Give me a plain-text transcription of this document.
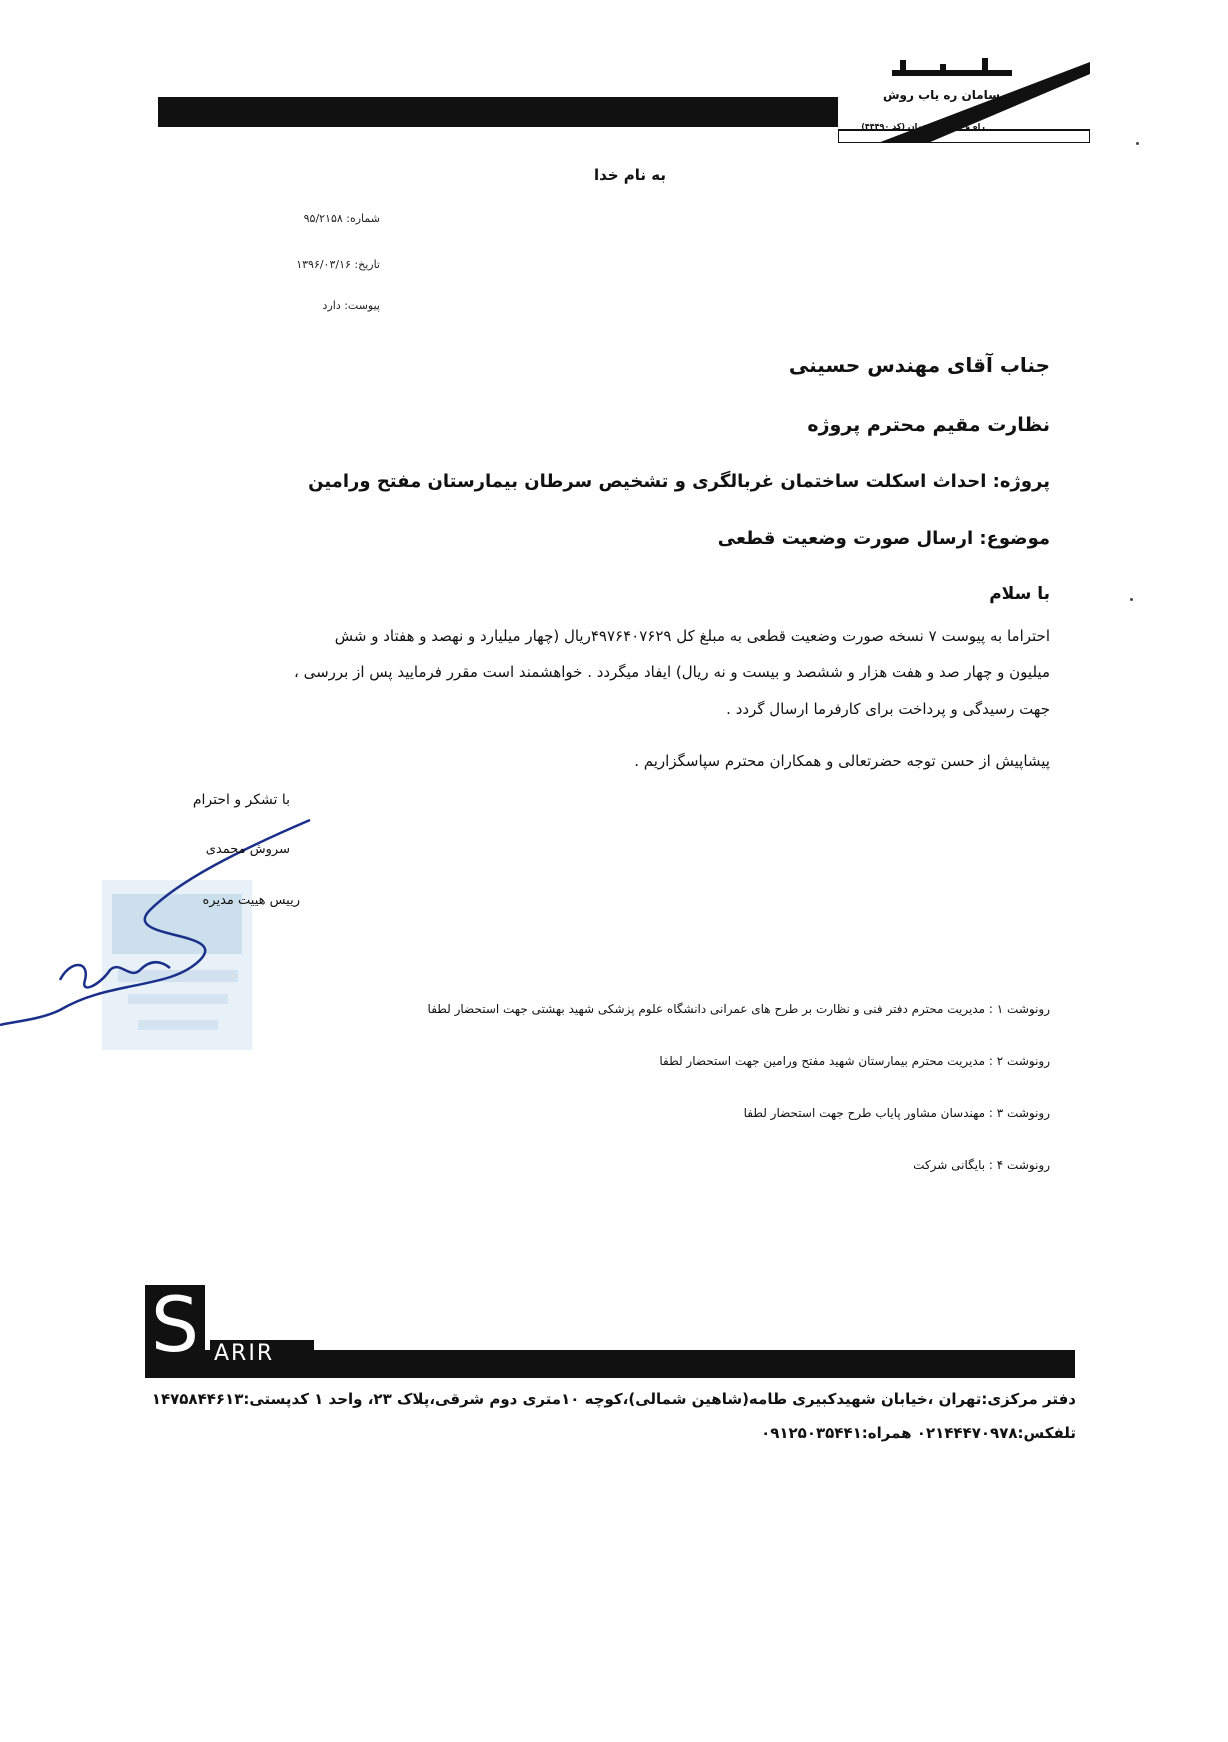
سامان ره یاب روش
راه و باند، ساختمان (کد ۴۴۴۹۰)
به نام خدا
شماره: ۹۵/۲۱۵۸
تاریخ: ۱۳۹۶/۰۳/۱۶
پیوست: دارد
جناب آقای مهندس حسینی
نظارت مقیم محترم پروژه
پروژه: احداث اسکلت ساختمان غربالگری و تشخیص سرطان بیمارستان مفتح ورامین
موضوع: ارسال صورت وضعیت قطعی
با سلام
احتراما به پیوست ۷ نسخه صورت وضعیت قطعی به مبلغ کل ۴۹۷۶۴۰۷۶۲۹ریال (چهار میلیارد و نهصد و هفتاد و شش
میلیون و چهار صد و هفت هزار و ششصد و بیست و نه ریال) ایفاد میگردد . خواهشمند است مقرر فرمایید پس از بررسی ،
جهت رسیدگی و پرداخت برای کارفرما ارسال گردد .
پیشاپیش از حسن توجه حضرتعالی و همکاران محترم سپاسگزاریم .
با تشکر و احترام
سروش محمدی
رییس هییت مدیره
رونوشت ۱ : مدیریت محترم دفتر فنی و نظارت بر طرح های عمرانی دانشگاه علوم پزشکی شهید بهشتی جهت استحضار لطفا
رونوشت ۲ : مدیریت محترم بیمارستان شهید مفتح ورامین جهت استحضار لطفا
رونوشت ۳ : مهندسان مشاور پایاب طرح جهت استحضار لطفا
رونوشت ۴ : بایگانی شرکت
S ARIR
دفتر مرکزی:تهران ،خیابان شهیدکبیری طامه(شاهین شمالی)،کوچه ۱۰متری دوم شرقی،پلاک ۲۳، واحد ۱ کدپستی:۱۴۷۵۸۴۴۶۱۳
تلفکس:۰۲۱۴۴۴۷۰۹۷۸ همراه:۰۹۱۲۵۰۳۵۴۴۱
